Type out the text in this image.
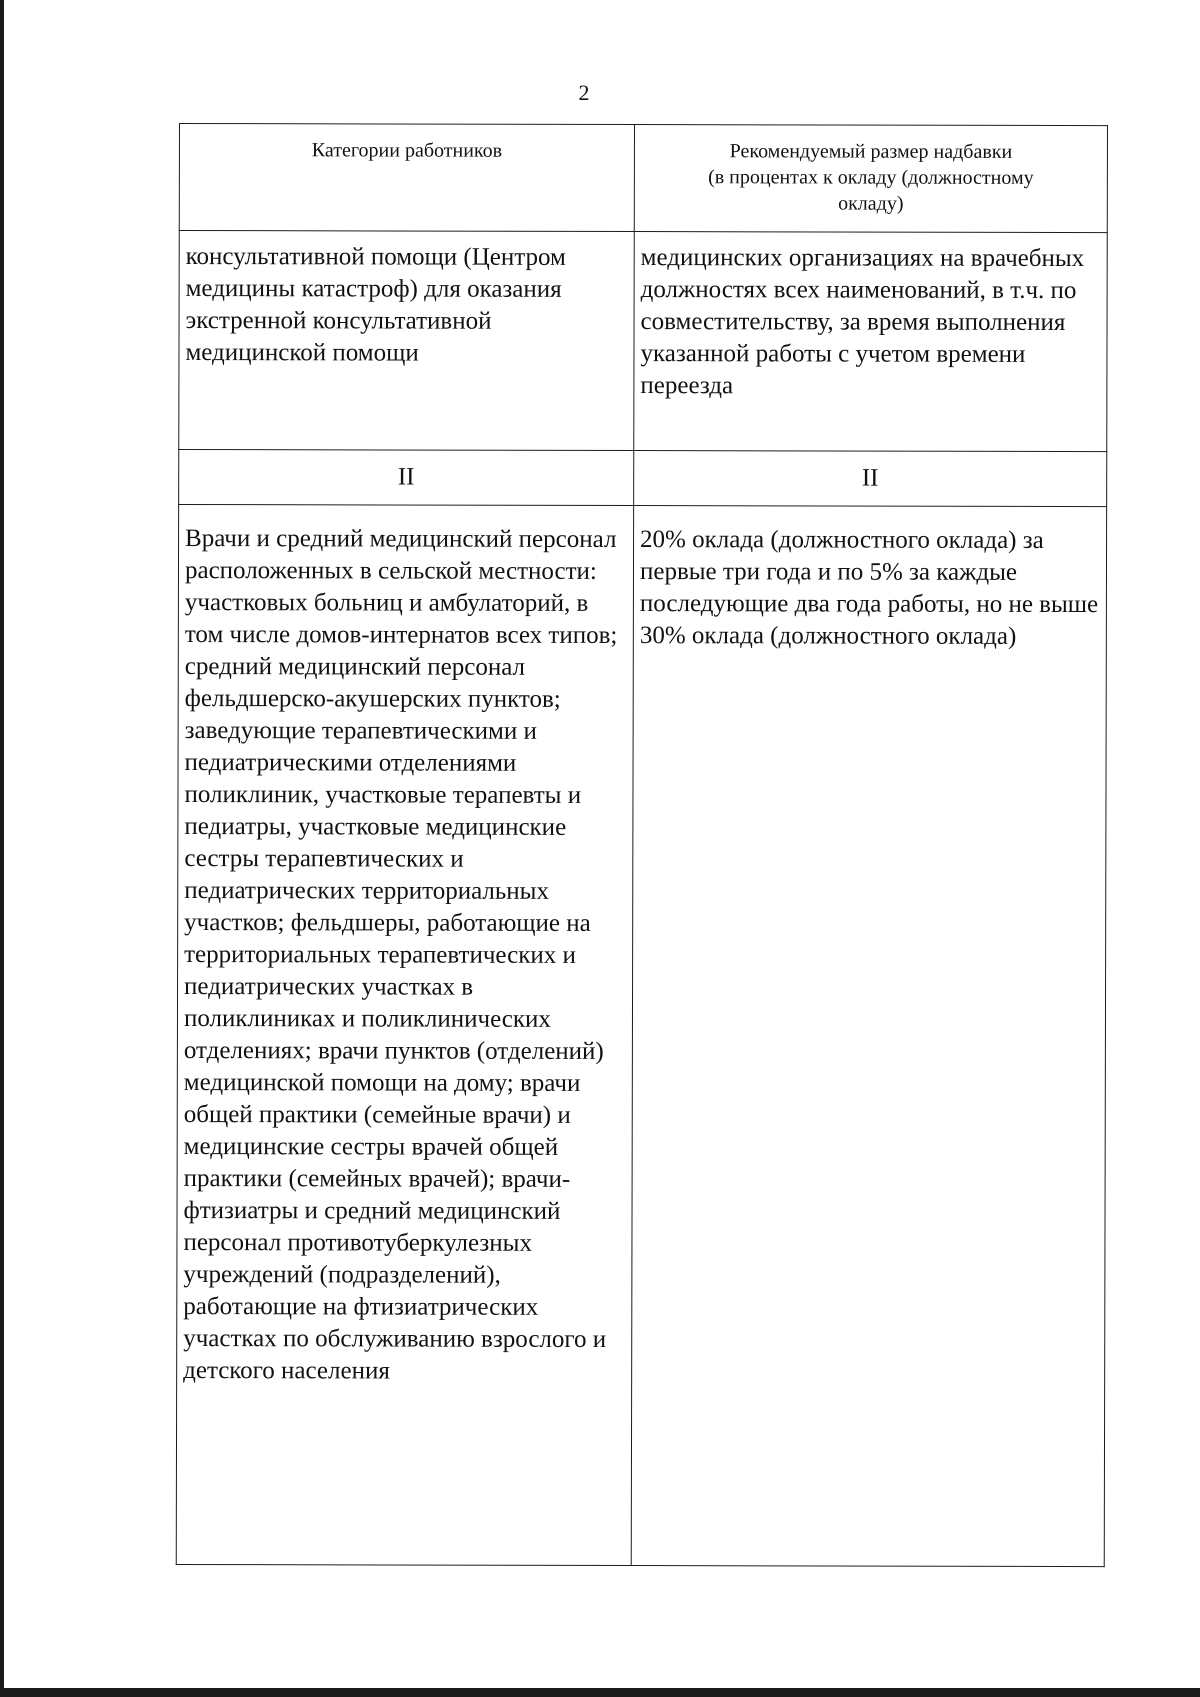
2
Категории работников	Рекомендуемый размер надбавки
(в процентах к окладу (должностному
окладу)

консультативной помощи (Центром медицины катастроф) для оказания экстренной консультативной медицинской помощи	медицинских организациях на врачебных должностях всех наименований, в т.ч. по совместительству, за время выполнения указанной работы с учетом времени переезда

II	II

Врачи и средний медицинский персонал расположенных в сельской местности: участковых больниц и амбулаторий, в том числе домов-интернатов всех типов; средний медицинский персонал фельдшерско-акушерских пунктов; заведующие терапевтическими и педиатрическими отделениями поликлиник, участковые терапевты и педиатры, участковые медицинские сестры терапевтических и педиатрических территориальных участков; фельдшеры, работающие на территориальных терапевтических и педиатрических участках в поликлиниках и поликлинических отделениях; врачи пунктов (отделений) медицинской помощи на дому; врачи общей практики (семейные врачи) и медицинские сестры врачей общей практики (семейных врачей); врачи-фтизиатры и средний медицинский персонал противотуберкулезных учреждений (подразделений), работающие на фтизиатрических участках по обслуживанию взрослого и детского населения	20% оклада (должностного оклада) за первые три года и по 5% за каждые последующие два года работы, но не выше 30% оклада (должностного оклада)
